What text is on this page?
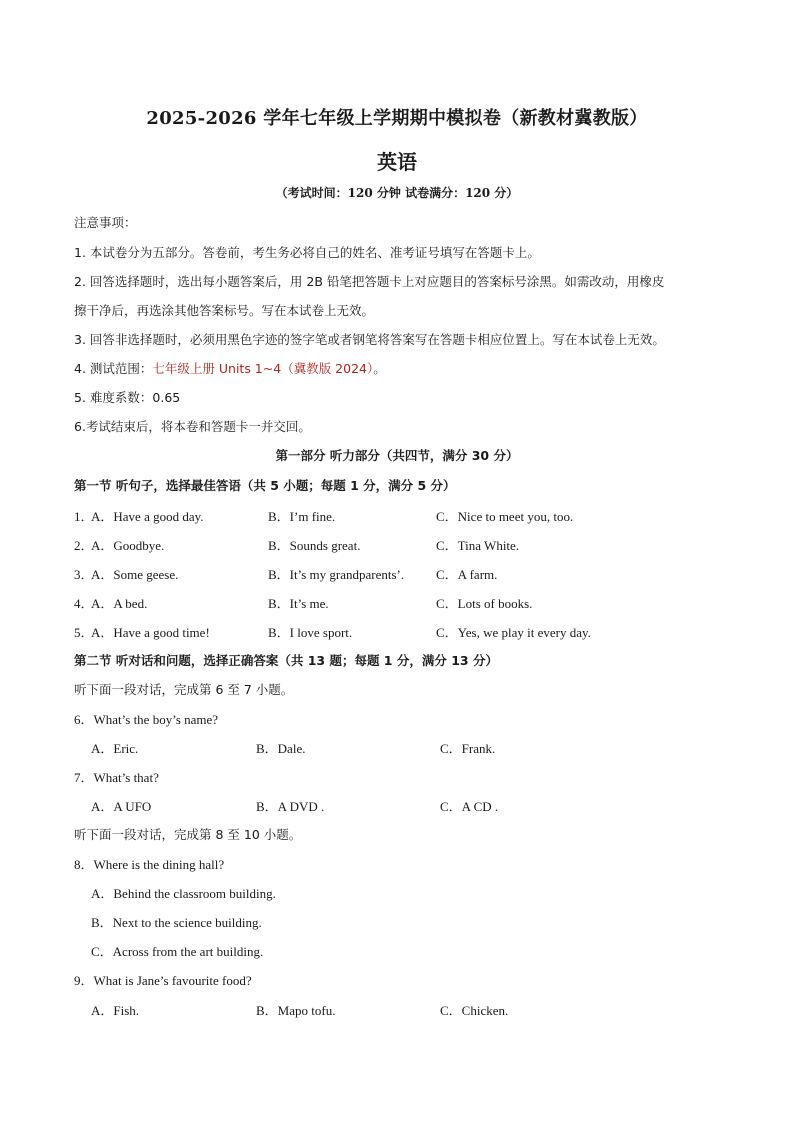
2025-2026 学年七年级上学期期中模拟卷（新教材冀教版）
英语
（考试时间：120 分钟 试卷满分：120 分）
注意事项：
1. 本试卷分为五部分。答卷前，考生务必将自己的姓名、准考证号填写在答题卡上。
2. 回答选择题时，选出每小题答案后，用 2B 铅笔把答题卡上对应题目的答案标号涂黑。如需改动，用橡皮
擦干净后，再选涂其他答案标号。写在本试卷上无效。
3. 回答非选择题时，必须用黑色字迹的签字笔或者钢笔将答案写在答题卡相应位置上。写在本试卷上无效。
4. 测试范围：七年级上册 Units 1~4（冀教版 2024）。
5. 难度系数：0.65
6.考试结束后，将本卷和答题卡一并交回。
第一部分 听力部分（共四节，满分 30 分）
第一节 听句子，选择最佳答语（共 5 小题；每题 1 分，满分 5 分）
1．
A．Have a good day.	B．I’m fine.	C．Nice to meet you, too.
2．
A．Goodbye.	B．Sounds great.	C．Tina White.
3．
A．Some geese.	B．It’s my grandparents’. C．A farm.
4．
A．A bed.	B．It’s me.	C．Lots of books.
5．
A．Have a good time!	B．I love sport.	C．Yes, we play it every day.
第二节 听对话和问题，选择正确答案（共 13 题；每题 1 分，满分 13 分）
听下面一段对话，完成第 6 至 7 小题。
6．What’s the boy’s name?
A．Eric.	B．Dale.	C．Frank.
7．What’s that?
A．A UFO	B．A DVD .	C．A CD .
听下面一段对话，完成第 8 至 10 小题。
8．Where is the dining hall?
A．Behind the classroom building.
B．Next to the science building.
C．Across from the art building.
9．What is Jane’s favourite food?
A．Fish.	B．Mapo tofu.	C．Chicken.
